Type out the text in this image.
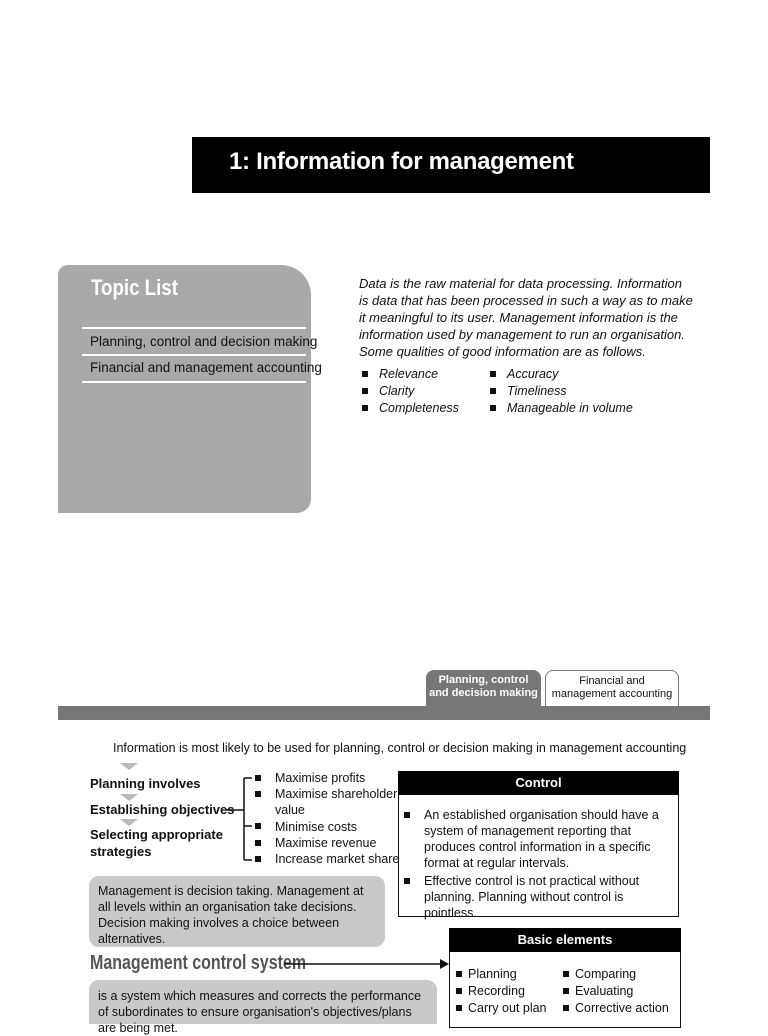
1: Information for management
Topic List
Planning, control and decision making
Financial and management accounting
Data is the raw material for data processing. Information is data that has been processed in such a way as to make it meaningful to its user. Management information is the information used by management to run an organisation. Some qualities of good information are as follows.
Relevance
Clarity
Completeness
Accuracy
Timeliness
Manageable in volume
Planning, control
and decision making
Financial and
management accounting
Information is most likely to be used for planning, control or decision making in management accounting
Planning involves
Establishing objectives
Selecting appropriate
strategies
Maximise profits
Maximise shareholder
value
Minimise costs
Maximise revenue
Increase market share
Management is decision taking. Management at all levels within an organisation take decisions. Decision making involves a choice between alternatives.
Control
An established organisation should have a system of management reporting that produces control information in a specific format at regular intervals.
Effective control is not practical without planning. Planning without control is pointless.
Management control system
is a system which measures and corrects the performance of subordinates to ensure organisation's objectives/plans are being met.
Basic elements
Planning
Recording
Carry out plan
Comparing
Evaluating
Corrective action
